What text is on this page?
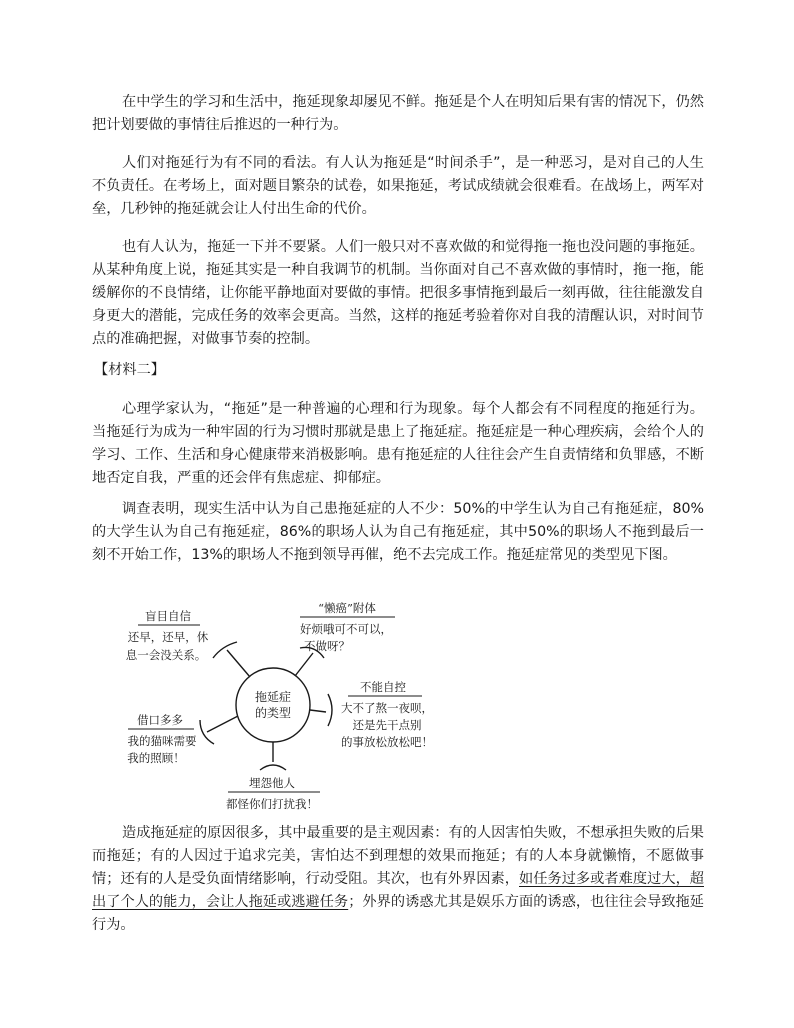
在中学生的学习和生活中，拖延现象却屡见不鲜。拖延是个人在明知后果有害的情况下，仍然把计划要做的事情往后推迟的一种行为。

人们对拖延行为有不同的看法。有人认为拖延是“时间杀手”，是一种恶习，是对自己的人生不负责任。在考场上，面对题目繁杂的试卷，如果拖延，考试成绩就会很难看。在战场上，两军对垒，几秒钟的拖延就会让人付出生命的代价。

也有人认为，拖延一下并不要紧。人们一般只对不喜欢做的和觉得拖一拖也没问题的事拖延。从某种角度上说，拖延其实是一种自我调节的机制。当你面对自己不喜欢做的事情时，拖一拖，能缓解你的不良情绪，让你能平静地面对要做的事情。把很多事情拖到最后一刻再做，往往能激发自身更大的潜能，完成任务的效率会更高。当然，这样的拖延考验着你对自我的清醒认识，对时间节点的准确把握，对做事节奏的控制。

【材料二】

心理学家认为，“拖延”是一种普遍的心理和行为现象。每个人都会有不同程度的拖延行为。当拖延行为成为一种牢固的行为习惯时那就是患上了拖延症。拖延症是一种心理疾病，会给个人的学习、工作、生活和身心健康带来消极影响。患有拖延症的人往往会产生自责情绪和负罪感，不断地否定自我，严重的还会伴有焦虑症、抑郁症。

调查表明，现实生活中认为自己患拖延症的人不少：50%的中学生认为自己有拖延症，80%的大学生认为自己有拖延症，86%的职场人认为自己有拖延症，其中50%的职场人不拖到最后一刻不开始工作，13%的职场人不拖到领导再催，绝不去完成工作。拖延症常见的类型见下图。

拖延症
的类型
盲目自信
还早，还早，休
息一会没关系。
“懒癌”附体
好烦哦可不可以，
不做呀？
不能自控
大不了熬一夜呗，
还是先干点别
的事放松放松吧！
借口多多
我的猫咪需要
我的照顾！
埋怨他人
都怪你们打扰我！

造成拖延症的原因很多，其中最重要的是主观因素：有的人因害怕失败，不想承担失败的后果而拖延；有的人因过于追求完美，害怕达不到理想的效果而拖延；有的人本身就懒惰，不愿做事情；还有的人是受负面情绪影响，行动受阻。其次，也有外界因素，如任务过多或者难度过大，超出了个人的能力，会让人拖延或逃避任务；外界的诱惑尤其是娱乐方面的诱惑，也往往会导致拖延行为。
